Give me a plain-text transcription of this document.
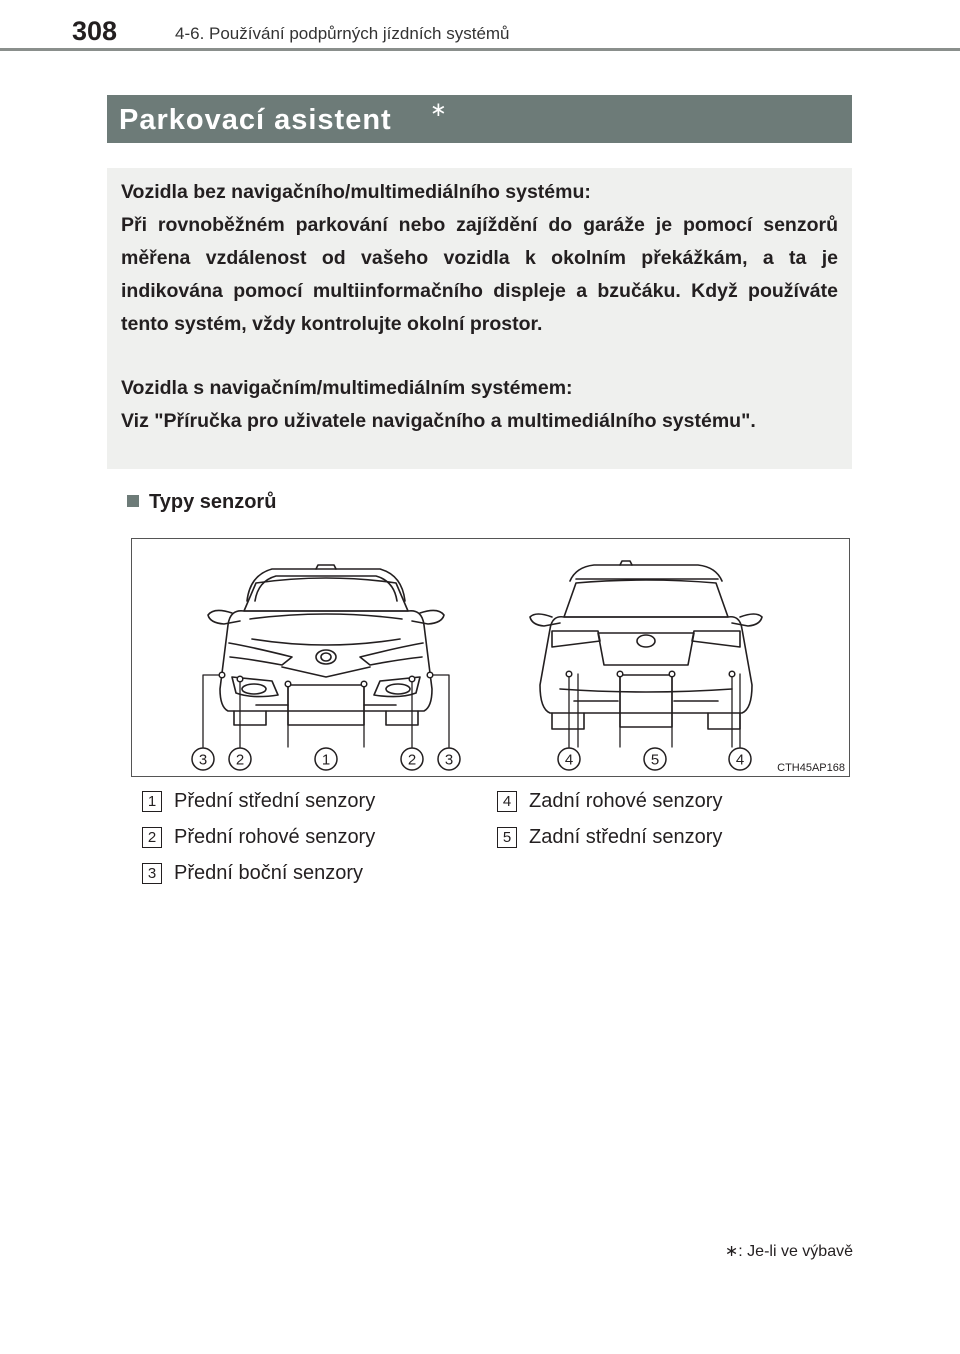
308	4-6. Používání podpůrných jízdních systémů
Parkovací asistent ∗

Vozidla bez navigačního/multimediálního systému:

Při rovnoběžném parkování nebo zajíždění do garáže je pomocí senzorů měřena vzdálenost od vašeho vozidla k okolním překážkám, a ta je indikována pomocí multiinformačního displeje a bzučáku. Když používáte tento systém, vždy kontrolujte okolní prostor.

Vozidla s navigačním/multimediálním systémem:

Viz "Příručka pro uživatele navigačního a multimediálního systému".

Typy senzorů
3 2	1	2 3	4	5	4	CTH45AP168
1 Přední střední senzory
2 Přední rohové senzory
3 Přední boční senzory
4 Zadní rohové senzory
5 Zadní střední senzory
∗: Je-li ve výbavě
